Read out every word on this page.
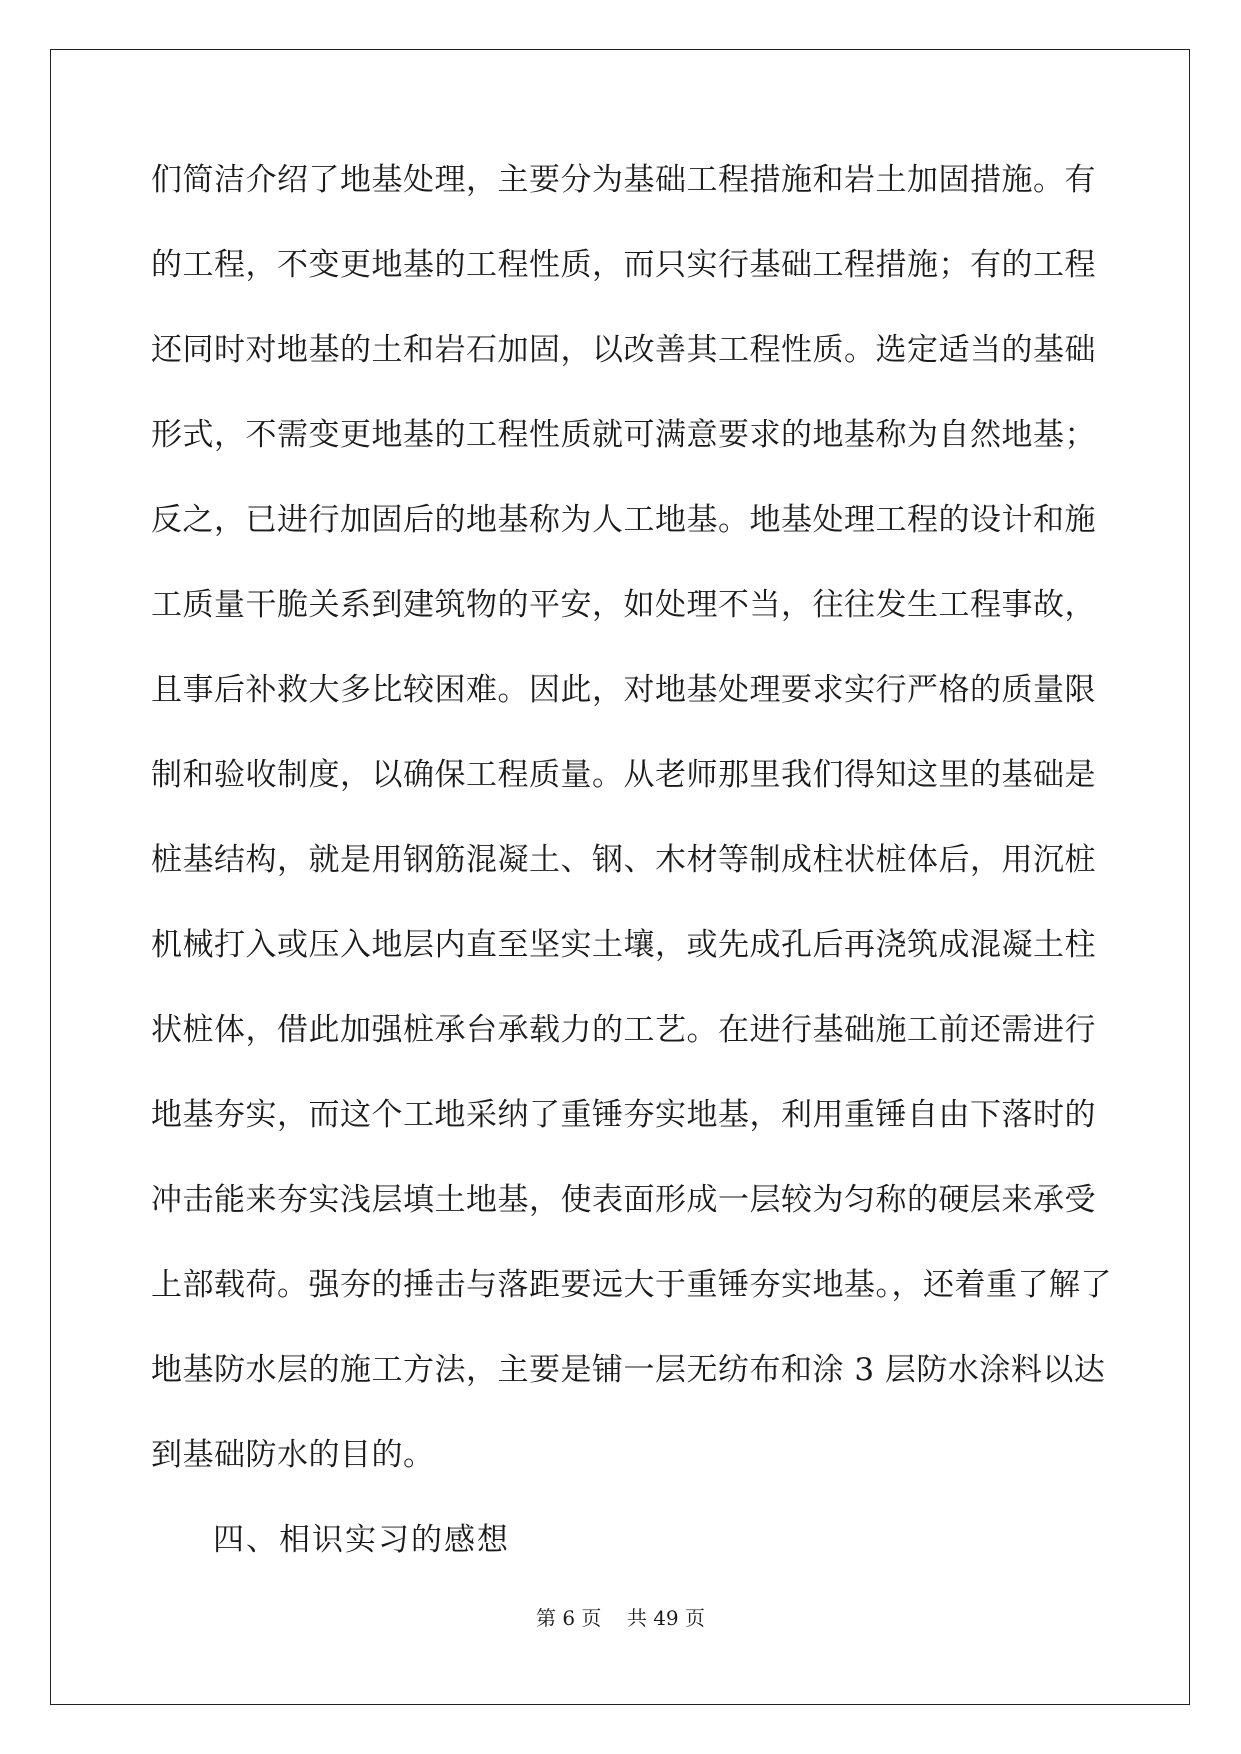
们简洁介绍了地基处理，主要分为基础工程措施和岩土加固措施。有
的工程，不变更地基的工程性质，而只实行基础工程措施；有的工程
还同时对地基的土和岩石加固，以改善其工程性质。选定适当的基础
形式，不需变更地基的工程性质就可满意要求的地基称为自然地基；
反之，已进行加固后的地基称为人工地基。地基处理工程的设计和施
工质量干脆关系到建筑物的平安，如处理不当，往往发生工程事故，
且事后补救大多比较困难。因此，对地基处理要求实行严格的质量限
制和验收制度，以确保工程质量。从老师那里我们得知这里的基础是
桩基结构，就是用钢筋混凝土、钢、木材等制成柱状桩体后，用沉桩
机械打入或压入地层内直至坚实土壤，或先成孔后再浇筑成混凝土柱
状桩体，借此加强桩承台承载力的工艺。在进行基础施工前还需进行
地基夯实，而这个工地采纳了重锤夯实地基，利用重锤自由下落时的
冲击能来夯实浅层填土地基，使表面形成一层较为匀称的硬层来承受
上部载荷。强夯的捶击与落距要远大于重锤夯实地基。，还着重了解了
地基防水层的施工方法，主要是铺一层无纺布和涂 3 层防水涂料以达
到基础防水的目的。
四、相识实习的感想
第 6 页    共 49 页
